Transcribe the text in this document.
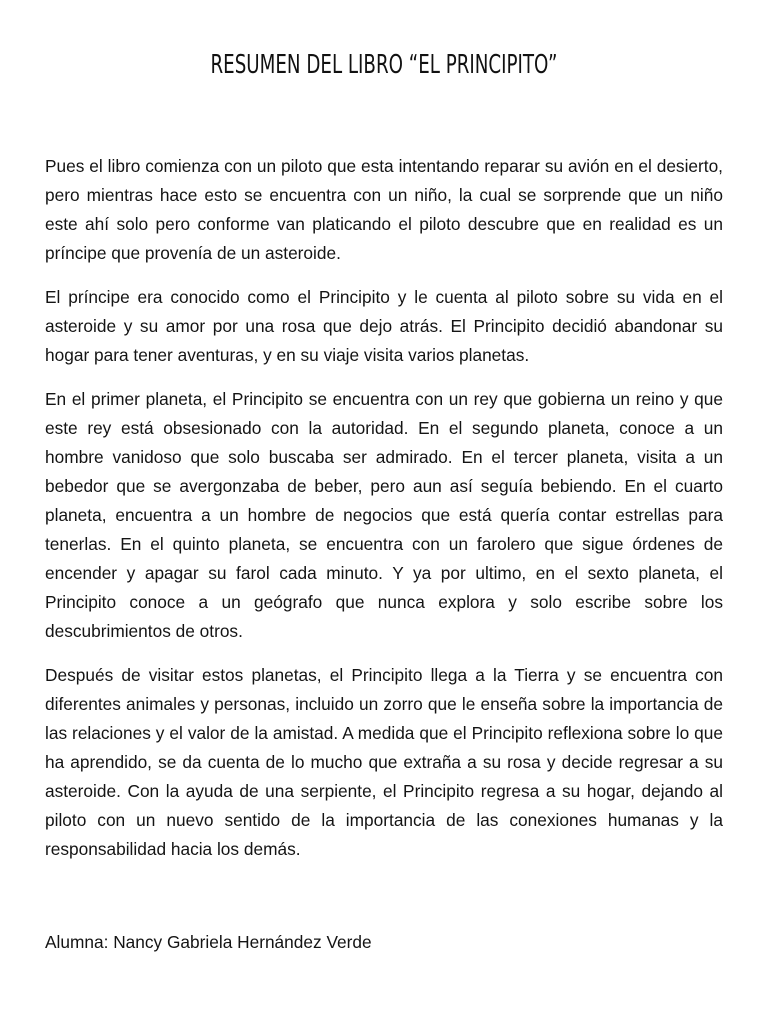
RESUMEN DEL LIBRO “EL PRINCIPITO”

Pues el libro comienza con un piloto que esta intentando reparar su avión en el desierto, pero mientras hace esto se encuentra con un niño, la cual se sorprende que un niño este ahí solo pero conforme van platicando el piloto descubre que en realidad es un príncipe que provenía de un asteroide.

El príncipe era conocido como el Principito y le cuenta al piloto sobre su vida en el asteroide y su amor por una rosa que dejo atrás. El Principito decidió abandonar su hogar para tener aventuras, y en su viaje visita varios planetas.

En el primer planeta, el Principito se encuentra con un rey que gobierna un reino y que este rey está obsesionado con la autoridad. En el segundo planeta, conoce a un hombre vanidoso que solo buscaba ser admirado. En el tercer planeta, visita a un bebedor que se avergonzaba de beber, pero aun así seguía bebiendo. En el cuarto planeta, encuentra a un hombre de negocios que está quería contar estrellas para tenerlas. En el quinto planeta, se encuentra con un farolero que sigue órdenes de encender y apagar su farol cada minuto. Y ya por ultimo, en el sexto planeta, el Principito conoce a un geógrafo que nunca explora y solo escribe sobre los descubrimientos de otros.

Después de visitar estos planetas, el Principito llega a la Tierra y se encuentra con diferentes animales y personas, incluido un zorro que le enseña sobre la importancia de las relaciones y el valor de la amistad. A medida que el Principito reflexiona sobre lo que ha aprendido, se da cuenta de lo mucho que extraña a su rosa y decide regresar a su asteroide. Con la ayuda de una serpiente, el Principito regresa a su hogar, dejando al piloto con un nuevo sentido de la importancia de las conexiones humanas y la responsabilidad hacia los demás.

Alumna: Nancy Gabriela Hernández Verde
